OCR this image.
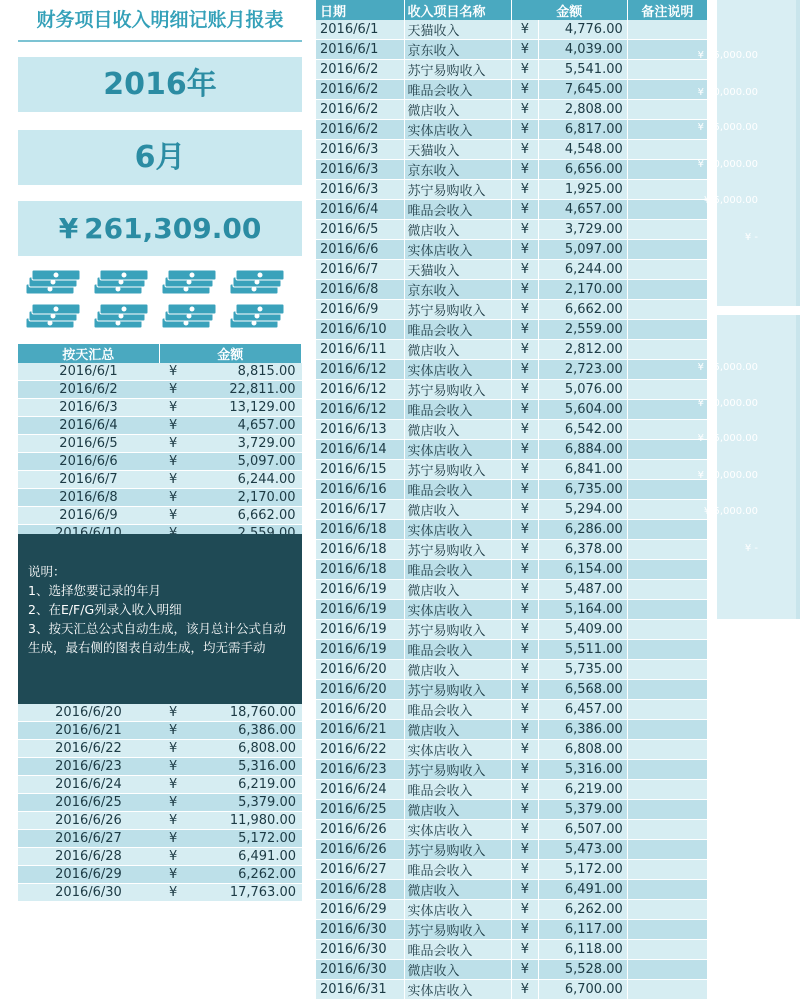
财务项目收入明细记账月报表
2016年
6月
¥ 261,309.00
按天汇总	金额	
2016/6/1	¥	8,815.00
2016/6/2	¥	22,811.00
2016/6/3	¥	13,129.00
2016/6/4	¥	4,657.00
2016/6/5	¥	3,729.00
2016/6/6	¥	5,097.00
2016/6/7	¥	6,244.00
2016/6/8	¥	2,170.00
2016/6/9	¥	6,662.00

说明：
1、选择您要记录的年月
2、在E/F/G列录入收入明细
3、按天汇总公式自动生成，该月总计公式自动生成，最右侧的图表自动生成，均无需手动
2016/6/20	¥	18,760.00
2016/6/21	¥	6,386.00
2016/6/22	¥	6,808.00
2016/6/23	¥	5,316.00
2016/6/24	¥	6,219.00
2016/6/25	¥	5,379.00
2016/6/26	¥	11,980.00
2016/6/27	¥	5,172.00
2016/6/28	¥	6,491.00
2016/6/29	¥	6,262.00
2016/6/30	¥	17,763.00
日期	收入项目名称	金额		备注说明
2016/6/1	天猫收入	¥	4,776.00	
2016/6/1	京东收入	¥	4,039.00	
2016/6/2	苏宁易购收入	¥	5,541.00	
2016/6/2	唯品会收入	¥	7,645.00	
2016/6/2	微店收入	¥	2,808.00	
2016/6/2	实体店收入	¥	6,817.00	
2016/6/3	天猫收入	¥	4,548.00	
2016/6/3	京东收入	¥	6,656.00	
2016/6/3	苏宁易购收入	¥	1,925.00	
2016/6/4	唯品会收入	¥	4,657.00	
2016/6/5	微店收入	¥	3,729.00	
2016/6/6	实体店收入	¥	5,097.00	
2016/6/7	天猫收入	¥	6,244.00	
2016/6/8	京东收入	¥	2,170.00	
2016/6/9	苏宁易购收入	¥	6,662.00	
2016/6/10	唯品会收入	¥	2,559.00	
2016/6/11	微店收入	¥	2,812.00	
2016/6/12	实体店收入	¥	2,723.00	
2016/6/12	苏宁易购收入	¥	5,076.00	
2016/6/12	唯品会收入	¥	5,604.00	
2016/6/13	微店收入	¥	6,542.00	
2016/6/14	实体店收入	¥	6,884.00	
2016/6/15	苏宁易购收入	¥	6,841.00	
2016/6/16	唯品会收入	¥	6,735.00	
2016/6/17	微店收入	¥	5,294.00	
2016/6/18	实体店收入	¥	6,286.00	
2016/6/18	苏宁易购收入	¥	6,378.00	
2016/6/18	唯品会收入	¥	6,154.00	
2016/6/19	微店收入	¥	5,487.00	
2016/6/19	实体店收入	¥	5,164.00	
2016/6/19	苏宁易购收入	¥	5,409.00	
2016/6/19	唯品会收入	¥	5,511.00	
2016/6/20	微店收入	¥	5,735.00	
2016/6/20	苏宁易购收入	¥	6,568.00	
2016/6/20	唯品会收入	¥	6,457.00	
2016/6/21	微店收入	¥	6,386.00	
2016/6/22	实体店收入	¥	6,808.00	
2016/6/23	苏宁易购收入	¥	5,316.00	
2016/6/24	唯品会收入	¥	6,219.00	
2016/6/25	微店收入	¥	5,379.00	
2016/6/26	实体店收入	¥	6,507.00	
2016/6/26	苏宁易购收入	¥	5,473.00	
2016/6/27	唯品会收入	¥	5,172.00	
2016/6/28	微店收入	¥	6,491.00	
2016/6/29	实体店收入	¥	6,262.00	
2016/6/30	苏宁易购收入	¥	6,117.00	
2016/6/30	唯品会收入	¥	6,118.00	
2016/6/30	微店收入	¥	5,528.00	
2016/6/31	实体店收入	¥	6,700.00	
¥ 25,000.00
¥ 20,000.00
¥ 15,000.00
¥ 10,000.00
¥ 5,000.00
¥ -
¥ 25,000.00
¥ 20,000.00
¥ 15,000.00
¥ 10,000.00
¥ 5,000.00
¥ -
